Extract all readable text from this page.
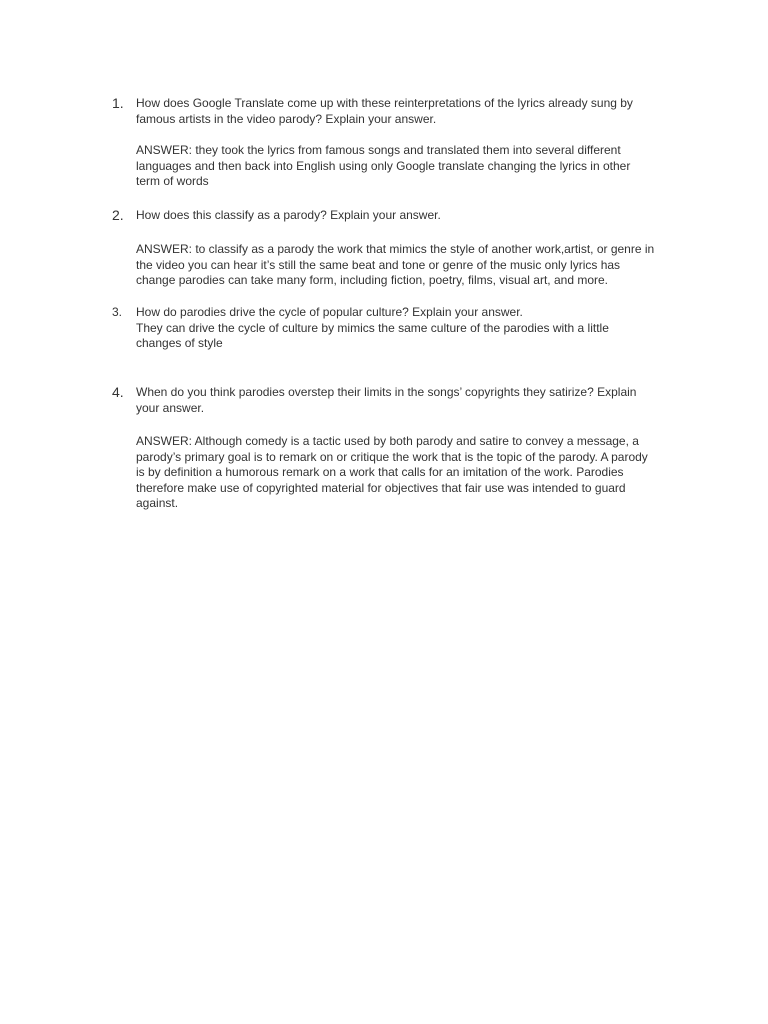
1. How does Google Translate come up with these reinterpretations of the lyrics already sung by
famous artists in the video parody? Explain your answer.
ANSWER: they took the lyrics from famous songs and translated them into several different
languages and then back into English using only Google translate changing the lyrics in other
term of words
2. How does this classify as a parody? Explain your answer.
ANSWER: to classify as a parody the work that mimics the style of another work,artist, or genre in
the video you can hear it’s still the same beat and tone or genre of the music only lyrics has
change parodies can take many form, including fiction, poetry, films, visual art, and more.
3. How do parodies drive the cycle of popular culture? Explain your answer.
They can drive the cycle of culture by mimics the same culture of the parodies with a little
changes of style
4. When do you think parodies overstep their limits in the songs’ copyrights they satirize? Explain
your answer.
ANSWER: Although comedy is a tactic used by both parody and satire to convey a message, a
parody’s primary goal is to remark on or critique the work that is the topic of the parody. A parody
is by definition a humorous remark on a work that calls for an imitation of the work. Parodies
therefore make use of copyrighted material for objectives that fair use was intended to guard
against.
